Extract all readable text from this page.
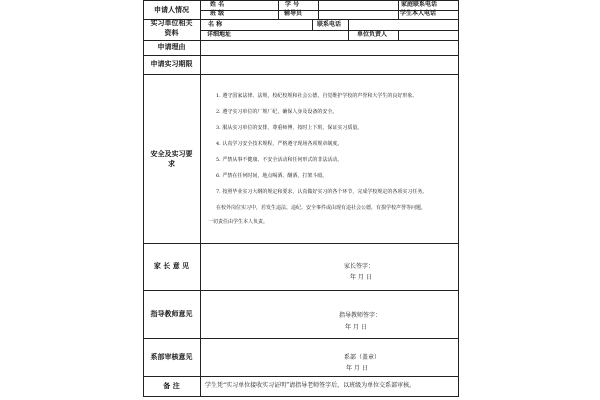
申请人情况
姓 名	学 号	家庭联系电话
班 级	辅导员	学生本人电话
实习单位相关
资料
名 称	联系电话
详细地址	单位负责人
申请理由
申请实习期限
安全及实习要
求
1. 遵守国家法律、法规，校纪校规和社会公德，自觉维护学校的声誉和大学生的良好形象。
2. 遵守实习单位的厂规厂纪，确保人身及设备的安全。
3. 服从实习单位的安排，尊重师傅，按时上下班，保证实习质量。
4. 认真学习安全技术规程，严格遵守现场各项规章制度。
5. 严禁从事不健康、不安全活动和任何形式的非法活动。
6. 严禁在任何时间，地点喝酒、酗酒，打架斗殴。
7. 按照毕业实习大纲的规定和要求，认真做好实习的各个环节，完成学校规定的各项实习任务。
在校外岗位实习中，若发生违法、违纪、安全事件或由现有违社会公德，有损学校声誉等问题，
一切责任由学生本人负责。
家 长 意 见	家长签字：
年 月 日
指导教师意见	指导教师签字：
年 月 日
系部审核意见	系部（盖章）
年 月 日
备 注	学生凭“实习单位接收实习证明”请指导老师签字后，以班级为单位交系部审核。
